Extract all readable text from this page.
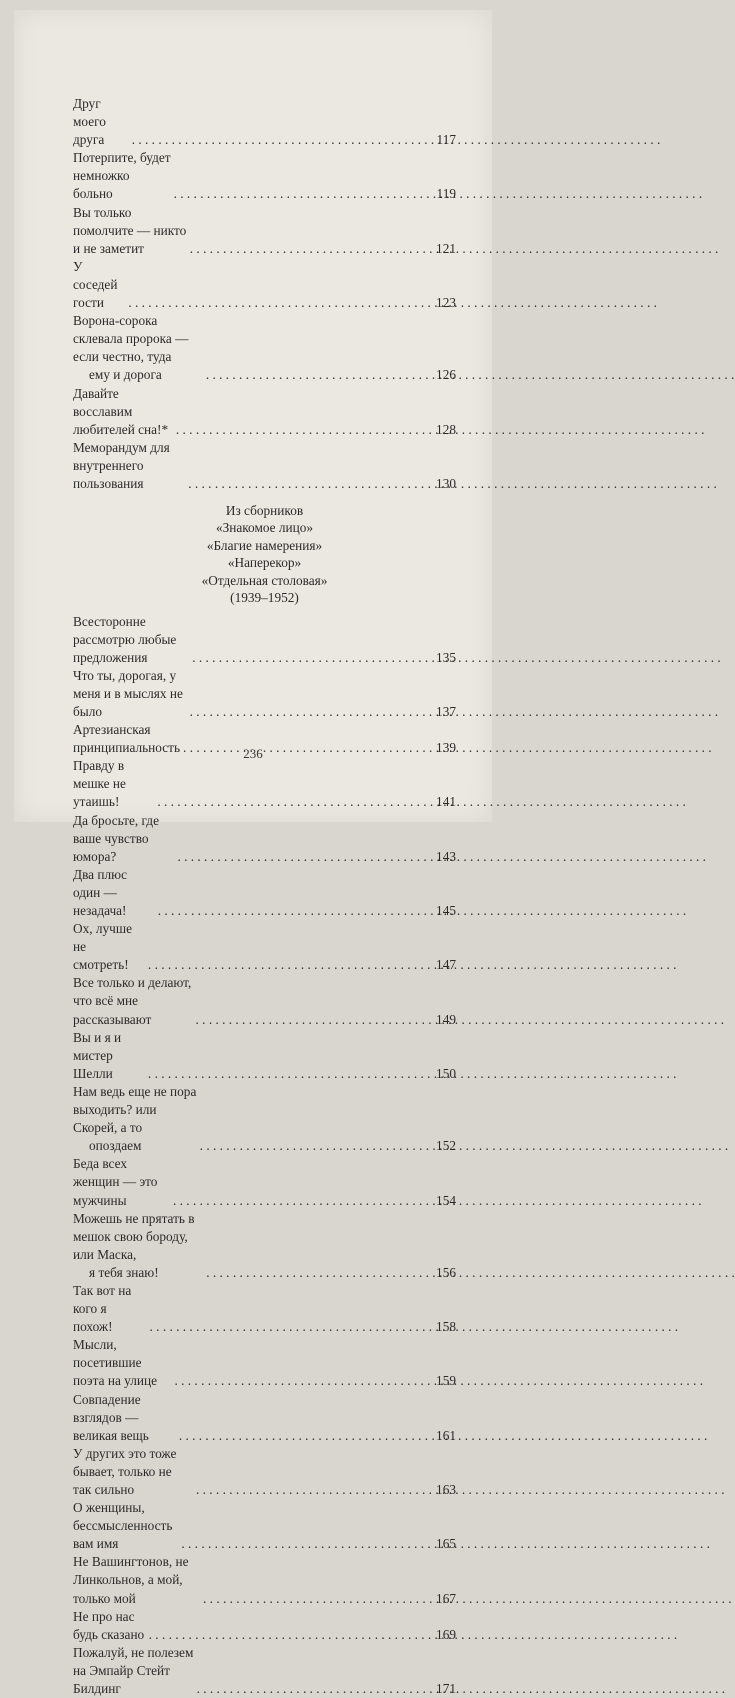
Друг моего друга . . .	117
Потерпите, будет немножко больно . . .	119
Вы только помолчите — никто и не заметит . . .	121
У соседей гости . . .	123
Ворона-сорока склевала пророка — если честно, туда
ему и дорога . . .	126
Давайте восславим любителей сна!* . . .	128
Меморандум для внутреннего пользования . . .	130
Из сборников
«Знакомое лицо»
«Благие намерения»
«Наперекор»
«Отдельная столовая»
(1939–1952)
Всесторонне рассмотрю любые предложения . . .	135
Что ты, дорогая, у меня и в мыслях не было . . .	137
Артезианская принципиальность . . .	139
Правду в мешке не утаишь! . . .	141
Да бросьте, где ваше чувство юмора? . . .	143
Два плюс один — незадача! . . .	145
Ох, лучше не смотреть! . . .	147
Все только и делают, что всё мне рассказывают . . .	149
Вы и я и мистер Шелли . . .	150
Нам ведь еще не пора выходить? или Скорей, а то
опоздаем . . .	152
Беда всех женщин — это мужчины . . .	154
Можешь не прятать в мешок свою бороду, или Маска,
я тебя знаю! . . .	156
Так вот на кого я похож! . . .	158
Мысли, посетившие поэта на улице . . .	159
Совпадение взглядов — великая вещь . . .	161
У других это тоже бывает, только не так сильно . . .	163
О женщины, бессмысленность вам имя . . .	165
Не Вашингтонов, не Линкольнов, а мой, только мой . . .	167
Не про нас будь сказано . . .	169
Пожалуй, не полезем на Эмпайр Стейт Билдинг . . .	171
236
